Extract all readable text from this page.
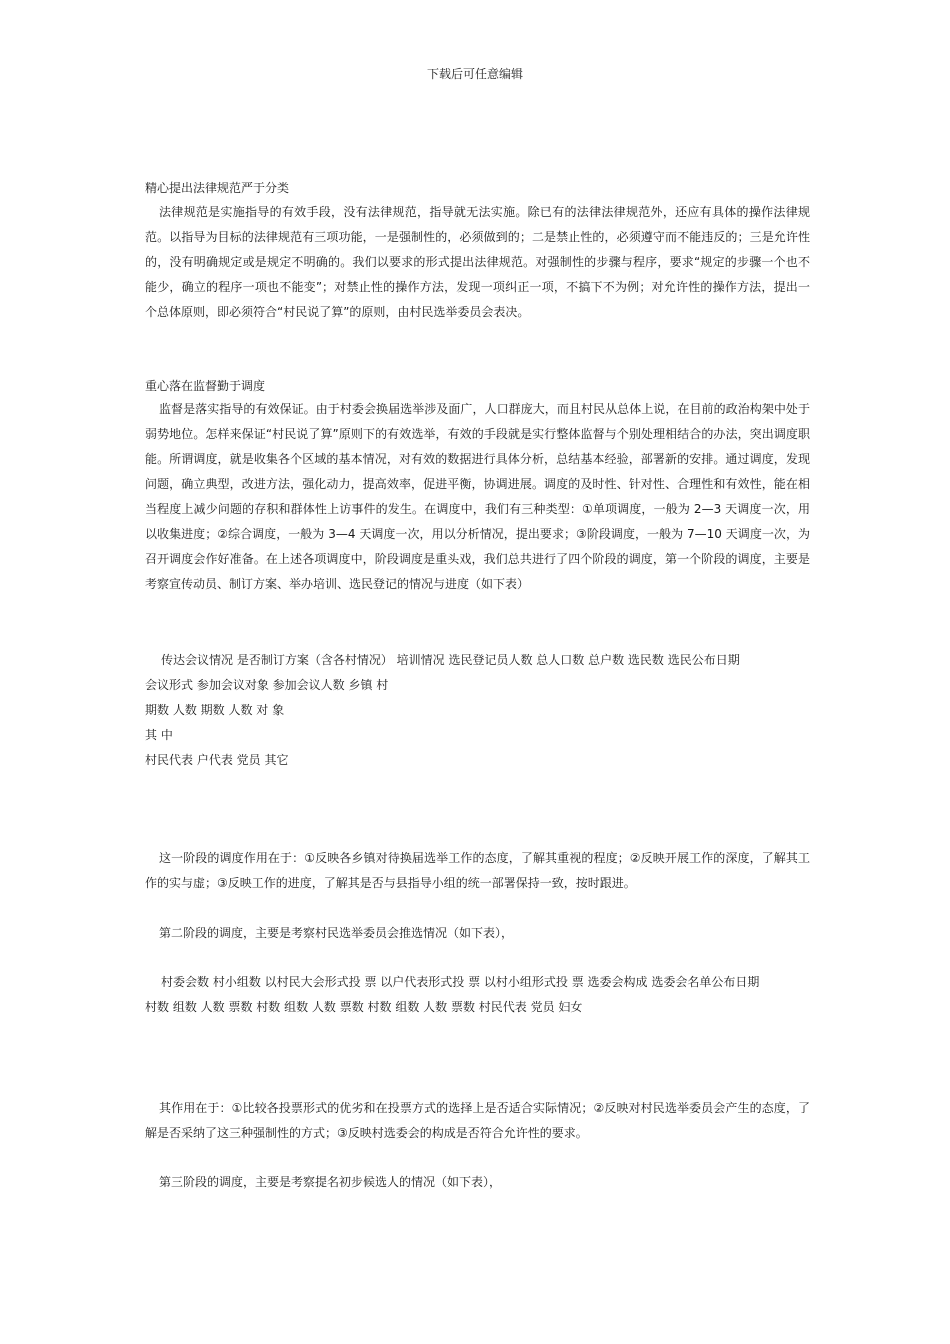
下载后可任意编辑
精心提出法律规范严于分类

法律规范是实施指导的有效手段，没有法律规范，指导就无法实施。除已有的法律法律规范外，还应有具体的操作法律规范。以指导为目标的法律规范有三项功能，一是强制性的，必须做到的；二是禁止性的，必须遵守而不能违反的；三是允许性的，没有明确规定或是规定不明确的。我们以要求的形式提出法律规范。对强制性的步骤与程序，要求“规定的步骤一个也不能少，确立的程序一项也不能变”；对禁止性的操作方法，发现一项纠正一项，不搞下不为例；对允许性的操作方法，提出一个总体原则，即必须符合“村民说了算”的原则，由村民选举委员会表决。

重心落在监督勤于调度

监督是落实指导的有效保证。由于村委会换届选举涉及面广，人口群庞大，而且村民从总体上说，在目前的政治构架中处于弱势地位。怎样来保证“村民说了算”原则下的有效选举，有效的手段就是实行整体监督与个别处理相结合的办法，突出调度职能。所谓调度，就是收集各个区域的基本情况，对有效的数据进行具体分析，总结基本经验，部署新的安排。通过调度，发现问题，确立典型，改进方法，强化动力，提高效率，促进平衡，协调进展。调度的及时性、针对性、合理性和有效性，能在相当程度上减少问题的存积和群体性上访事件的发生。在调度中，我们有三种类型：①单项调度，一般为 2—3 天调度一次，用以收集进度；②综合调度，一般为 3—4 天调度一次，用以分析情况，提出要求；③阶段调度，一般为 7—10 天调度一次，为召开调度会作好准备。在上述各项调度中，阶段调度是重头戏，我们总共进行了四个阶段的调度，第一个阶段的调度，主要是考察宣传动员、制订方案、举办培训、选民登记的情况与进度（如下表）

传达会议情况 是否制订方案（含各村情况） 培训情况 选民登记员人数 总人口数 总户数 选民数 选民公布日期
会议形式 参加会议对象 参加会议人数 乡镇 村
期数 人数 期数 人数 对 象
其 中
村民代表 户代表 党员 其它

这一阶段的调度作用在于：①反映各乡镇对待换届选举工作的态度，了解其重视的程度；②反映开展工作的深度，了解其工作的实与虚；③反映工作的进度，了解其是否与县指导小组的统一部署保持一致，按时跟进。

第二阶段的调度，主要是考察村民选举委员会推选情况（如下表），

村委会数 村小组数 以村民大会形式投 票 以户代表形式投 票 以村小组形式投 票 选委会构成 选委会名单公布日期
村数 组数 人数 票数 村数 组数 人数 票数 村数 组数 人数 票数 村民代表 党员 妇女

其作用在于：①比较各投票形式的优劣和在投票方式的选择上是否适合实际情况；②反映对村民选举委员会产生的态度，了解是否采纳了这三种强制性的方式；③反映村选委会的构成是否符合允许性的要求。

第三阶段的调度，主要是考察提名初步候选人的情况（如下表），
